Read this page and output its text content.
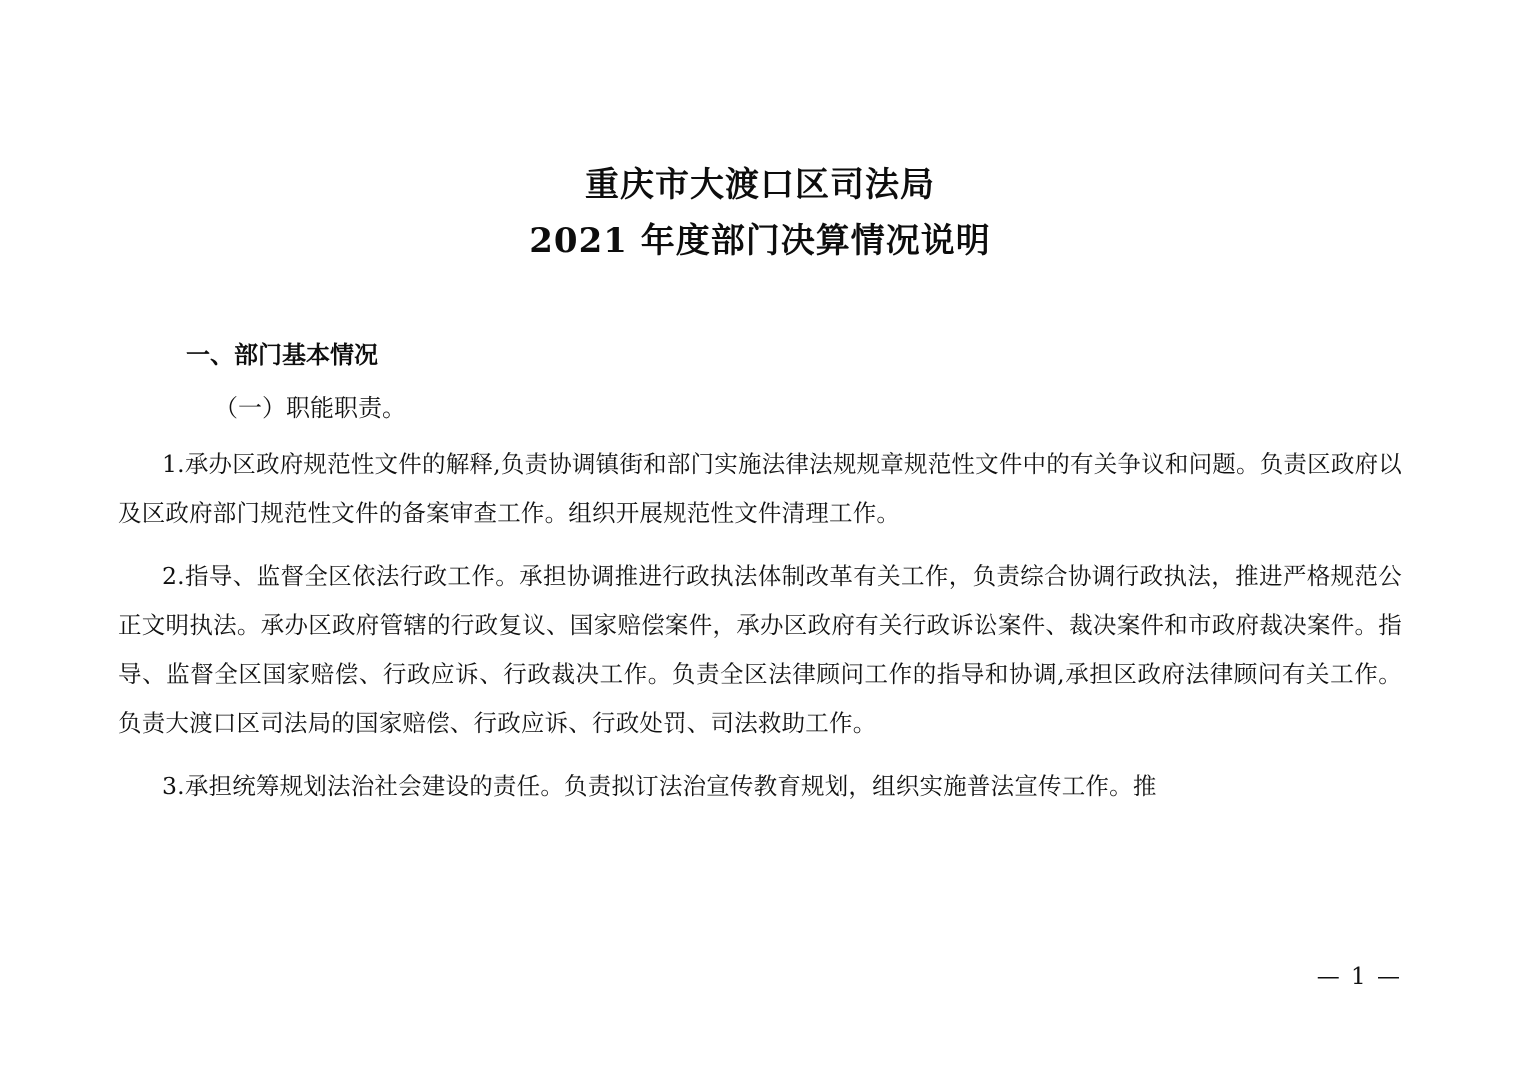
重庆市大渡口区司法局
2021 年度部门决算情况说明
一、部门基本情况
（一）职能职责。
1.承办区政府规范性文件的解释,负责协调镇街和部门实施法律法规规章规范性文件中的有关争议和问题。负责区政府以及区政府部门规范性文件的备案审查工作。组织开展规范性文件清理工作。
2.指导、监督全区依法行政工作。承担协调推进行政执法体制改革有关工作，负责综合协调行政执法，推进严格规范公正文明执法。承办区政府管辖的行政复议、国家赔偿案件，承办区政府有关行政诉讼案件、裁决案件和市政府裁决案件。指导、监督全区国家赔偿、行政应诉、行政裁决工作。负责全区法律顾问工作的指导和协调,承担区政府法律顾问有关工作。负责大渡口区司法局的国家赔偿、行政应诉、行政处罚、司法救助工作。
3.承担统筹规划法治社会建设的责任。负责拟订法治宣传教育规划，组织实施普法宣传工作。推
— 1 —
